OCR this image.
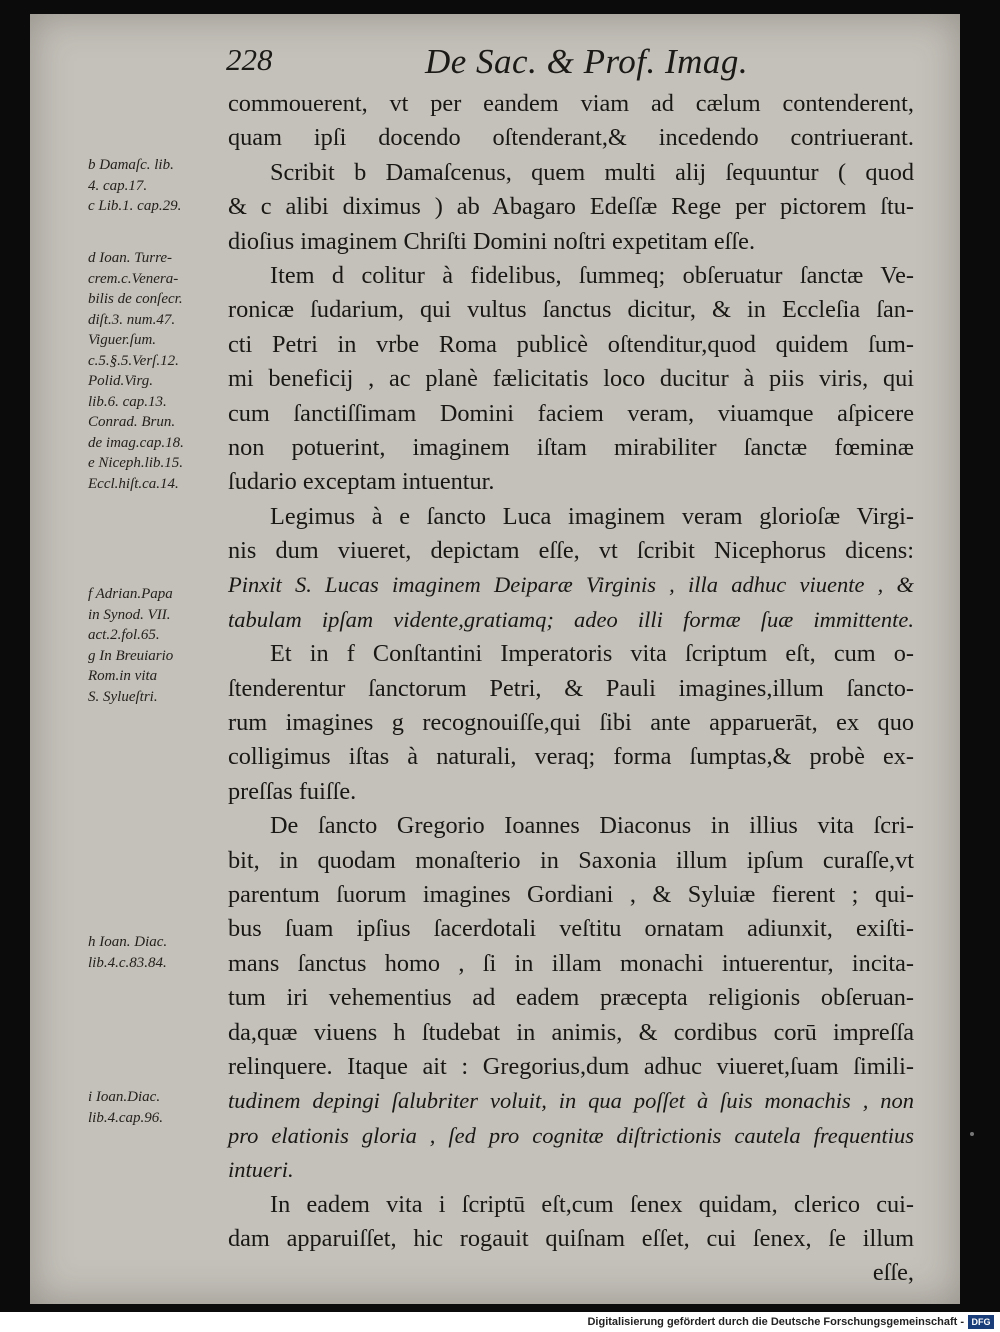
228	De Sac. & Prof. Imag.
b Damaſc. lib.
4. cap.17.
c Lib.1. cap.29.
d Ioan. Turre-
crem.c.Venera-
bilis de conſecr.
diſt.3. num.47.
Viguer.ſum.
c.5.§.5.Verſ.12.
Polid.Virg.
lib.6. cap.13.
Conrad. Brun.
de imag.cap.18.
e Niceph.lib.15.
Eccl.hiſt.ca.14.
f Adrian.Papa
in Synod. VII.
act.2.fol.65.
g In Breuiario
Rom.in vita
S. Sylueſtri.
h Ioan. Diac.
lib.4.c.83.84.
i Ioan.Diac.
lib.4.cap.96.
commouerent, vt per eandem viam ad cælum contenderent,
quam ipſi docendo oſtenderant,& incedendo contriuerant.
Scribit b Damaſcenus, quem multi alij ſequuntur ( quod
& c alibi diximus ) ab Abagaro Edeſſæ Rege per pictorem ſtu-
dioſius imaginem Chriſti Domini noſtri expetitam eſſe.
Item d colitur à fidelibus, ſummeq; obſeruatur ſanctæ Ve-
ronicæ ſudarium, qui vultus ſanctus dicitur, & in Eccleſia ſan-
cti Petri in vrbe Roma publicè oſtenditur,quod quidem ſum-
mi beneficij , ac planè fælicitatis loco ducitur à piis viris, qui
cum ſanctiſſimam Domini faciem veram, viuamque aſpicere
non potuerint, imaginem iſtam mirabiliter ſanctæ fœminæ
ſudario exceptam intuentur.
Legimus à e ſancto Luca imaginem veram glorioſæ Virgi-
nis dum viueret, depictam eſſe, vt ſcribit Nicephorus dicens:
Pinxit S. Lucas imaginem Deiparæ Virginis , illa adhuc viuente , &
tabulam ipſam vidente,gratiamq; adeo illi formæ ſuæ immittente.
Et in f Conſtantini Imperatoris vita ſcriptum eſt, cum o-
ſtenderentur ſanctorum Petri, & Pauli imagines,illum ſancto-
rum imagines g recognouiſſe,qui ſibi ante apparuerāt, ex quo
colligimus iſtas à naturali, veraq; forma ſumptas,& probè ex-
preſſas fuiſſe.
De ſancto Gregorio Ioannes Diaconus in illius vita ſcri-
bit, in quodam monaſterio in Saxonia illum ipſum curaſſe,vt
parentum ſuorum imagines Gordiani , & Syluiæ fierent ; qui-
bus ſuam ipſius ſacerdotali veſtitu ornatam adiunxit, exiſti-
mans ſanctus homo , ſi in illam monachi intuerentur, incita-
tum iri vehementius ad eadem præcepta religionis obſeruan-
da,quæ viuens h ſtudebat in animis, & cordibus corū impreſſa
relinquere. Itaque ait : Gregorius,dum adhuc viueret,ſuam ſimili-
tudinem depingi ſalubriter voluit, in qua poſſet à ſuis monachis , non
pro elationis gloria , ſed pro cognitæ diſtrictionis cautela frequentius
intueri.
In eadem vita i ſcriptū eſt,cum ſenex quidam, clerico cui-
dam apparuiſſet, hic rogauit quiſnam eſſet, cui ſenex, ſe illum
eſſe,
Digitalisierung gefördert durch die Deutsche Forschungsgemeinschaft - DFG
